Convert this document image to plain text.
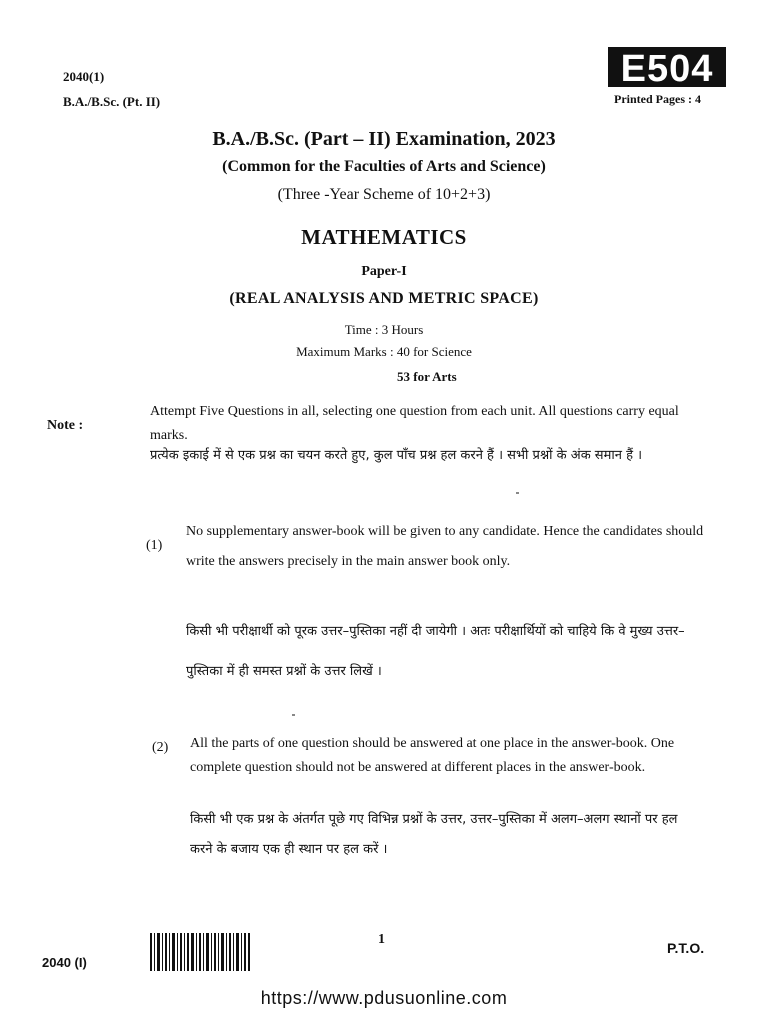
2040(1)
B.A./B.Sc. (Pt. II)
E504
Printed Pages : 4
B.A./B.Sc. (Part – II) Examination, 2023
(Common for the Faculties of Arts and Science)
(Three -Year Scheme of 10+2+3)
MATHEMATICS
Paper-I
(REAL ANALYSIS AND METRIC SPACE)
Time : 3 Hours
Maximum Marks : 40 for Science
53 for Arts
Note :
Attempt Five Questions in all, selecting one question from each unit. All questions carry equal marks.
प्रत्येक इकाई में से एक प्रश्न का चयन करते हुए, कुल पाँच प्रश्न हल करने हैं । सभी प्रश्नों के अंक समान हैं ।
(1)
No supplementary answer-book will be given to any candidate. Hence the candidates should write the answers precisely in the main answer book only.
किसी भी परीक्षार्थी को पूरक उत्तर–पुस्तिका नहीं दी जायेगी । अतः परीक्षार्थियों को चाहिये कि वे मुख्य उत्तर–पुस्तिका में ही समस्त प्रश्नों के उत्तर लिखें ।
(2) All the parts of one question should be answered at one place in the answer-book. One complete question should not be answered at different places in the answer-book.
किसी भी एक प्रश्न के अंतर्गत पूछे गए विभिन्न प्रश्नों के उत्तर, उत्तर–पुस्तिका में अलग–अलग स्थानों पर हल करने के बजाय एक ही स्थान पर हल करें ।
2040 (I)
1
P.T.O.
https://www.pdusuonline.com
